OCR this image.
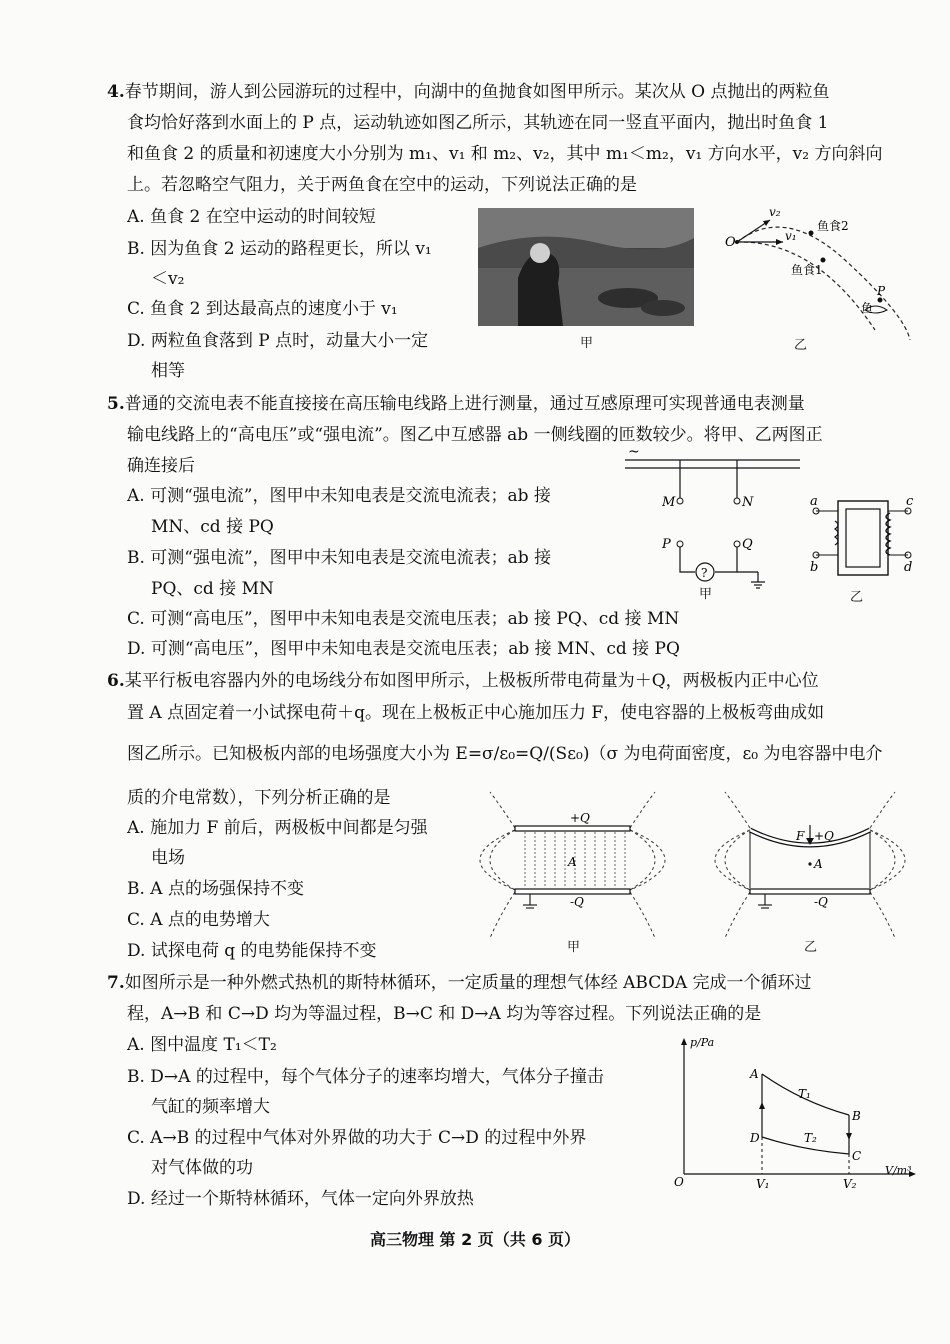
4.春节期间，游人到公园游玩的过程中，向湖中的鱼抛食如图甲所示。某次从 O 点抛出的两粒鱼
食均恰好落到水面上的 P 点，运动轨迹如图乙所示，其轨迹在同一竖直平面内，抛出时鱼食 1
和鱼食 2 的质量和初速度大小分别为 m₁、v₁ 和 m₂、v₂，其中 m₁＜m₂，v₁ 方向水平，v₂ 方向斜向
上。若忽略空气阻力，关于两鱼食在空中的运动，下列说法正确的是
A. 鱼食 2 在空中运动的时间较短
B. 因为鱼食 2 运动的路程更长，所以 v₁
＜v₂
C. 鱼食 2 到达最高点的速度小于 v₁
D. 两粒鱼食落到 P 点时，动量大小一定
相等
甲
O
v₂
v₁
鱼食2
鱼食1
P
鱼
乙
5.普通的交流电表不能直接接在高压输电线路上进行测量，通过互感原理可实现普通电表测量
输电线路上的“高电压”或“强电流”。图乙中互感器 ab 一侧线圈的匝数较少。将甲、乙两图正
确连接后
A. 可测“强电流”，图甲中未知电表是交流电流表；ab 接
MN、cd 接 PQ
B. 可测“强电流”，图甲中未知电表是交流电流表；ab 接
PQ、cd 接 MN
C. 可测“高电压”，图甲中未知电表是交流电压表；ab 接 PQ、cd 接 MN
D. 可测“高电压”，图甲中未知电表是交流电压表；ab 接 MN、cd 接 PQ
~
M	N
P	Q
?
甲
a
b
c
d
乙
6.某平行板电容器内外的电场线分布如图甲所示，上极板所带电荷量为＋Q，两极板内正中心位
置 A 点固定着一小试探电荷＋q。现在上极板正中心施加压力 F，使电容器的上极板弯曲成如
图乙所示。已知极板内部的电场强度大小为 E=σ/ε₀=Q/(Sε₀)（σ 为电荷面密度，ε₀ 为电容器中电介
质的介电常数），下列分析正确的是
A. 施加力 F 前后，两极板中间都是匀强
电场
B. A 点的场强保持不变
C. A 点的电势增大
D. 试探电荷 q 的电势能保持不变
+Q
-Q
A
甲
F +Q
A
-Q
乙
7.如图所示是一种外燃式热机的斯特林循环，一定质量的理想气体经 ABCDA 完成一个循环过
程，A→B 和 C→D 均为等温过程，B→C 和 D→A 均为等容过程。下列说法正确的是
A. 图中温度 T₁＜T₂
B. D→A 的过程中，每个气体分子的速率均增大，气体分子撞击
气缸的频率增大
C. A→B 的过程中气体对外界做的功大于 C→D 的过程中外界
对气体做的功
D. 经过一个斯特林循环，气体一定向外界放热
p/Pa
V/m³
O
A
B
C
D
T₁
T₂
V₁	V₂
高三物理 第 2 页（共 6 页）
